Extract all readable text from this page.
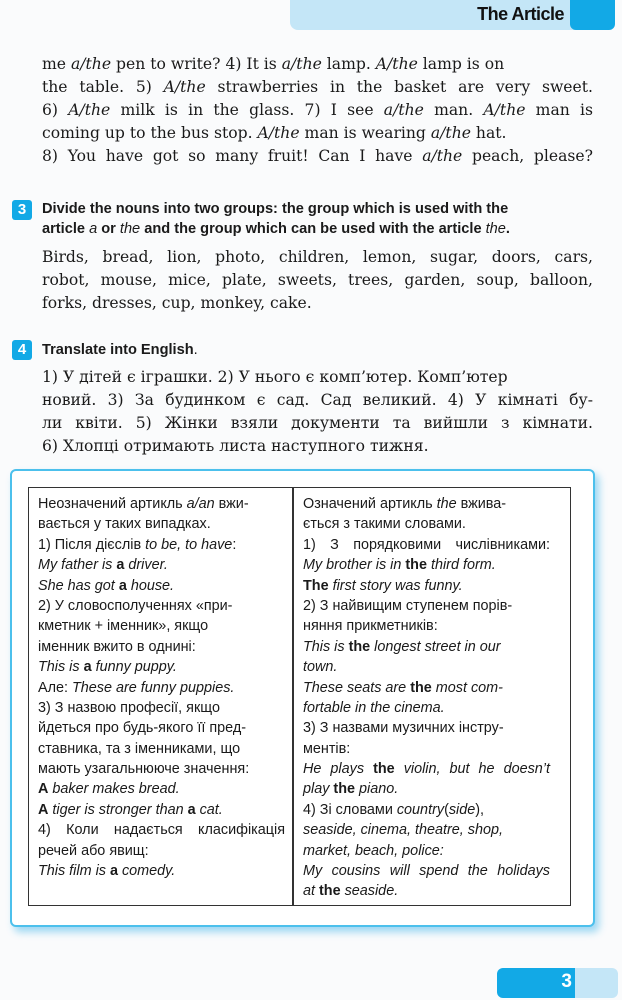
The Article
me a/the pen to write? 4) It is a/the lamp. A/the lamp is on
the table. 5) A/the strawberries in the basket are very sweet.
6) A/the milk is in the glass. 7) I see a/the man. A/the man is
coming up to the bus stop. A/the man is wearing a/the hat.
8) You have got so many fruit! Can I have a/the peach, please?
3	Divide the nouns into two groups: the group which is used with the
article a or the and the group which can be used with the article the.
Birds, bread, lion, photo, children, lemon, sugar, doors, cars,
robot, mouse, mice, plate, sweets, trees, garden, soup, balloon,
forks, dresses, cup, monkey, cake.
4	Translate into English.
1) У дітей є іграшки. 2) У нього є комп’ютер. Комп’ютер
новий. 3) За будинком є сад. Сад великий. 4) У кімнаті бу-
ли квіти. 5) Жінки взяли документи та вийшли з кімнати.
6) Хлопці отримають листа наступного тижня.
Неозначений артикль a/an вжи-
вається у таких випадках.
1) Після дієслів to be, to have:
My father is a driver.
She has got a house.
2) У словосполученнях «при-
кметник + іменник», якщо
іменник вжито в однині:
This is a funny puppy.
Але: These are funny puppies.
3) З назвою професії, якщо
йдеться про будь-якого її пред-
ставника, та з іменниками, що
мають узагальнююче значення:
A baker makes bread.
A tiger is stronger than a cat.
4) Коли надається класифікація
речей або явищ:
This film is a comedy.
Означений артикль the вжива-
ється з такими словами.
1) З порядковими числівниками:
My brother is in the third form.
The first story was funny.
2) З найвищим ступенем порів-
няння прикметників:
This is the longest street in our
town.
These seats are the most com-
fortable in the cinema.
3) З назвами музичних інстру-
ментів:
He plays the violin, but he doesn’t
play the piano.
4) Зі словами country(side),
seaside, cinema, theatre, shop,
market, beach, police:
My cousins will spend the holidays
at the seaside.
3
